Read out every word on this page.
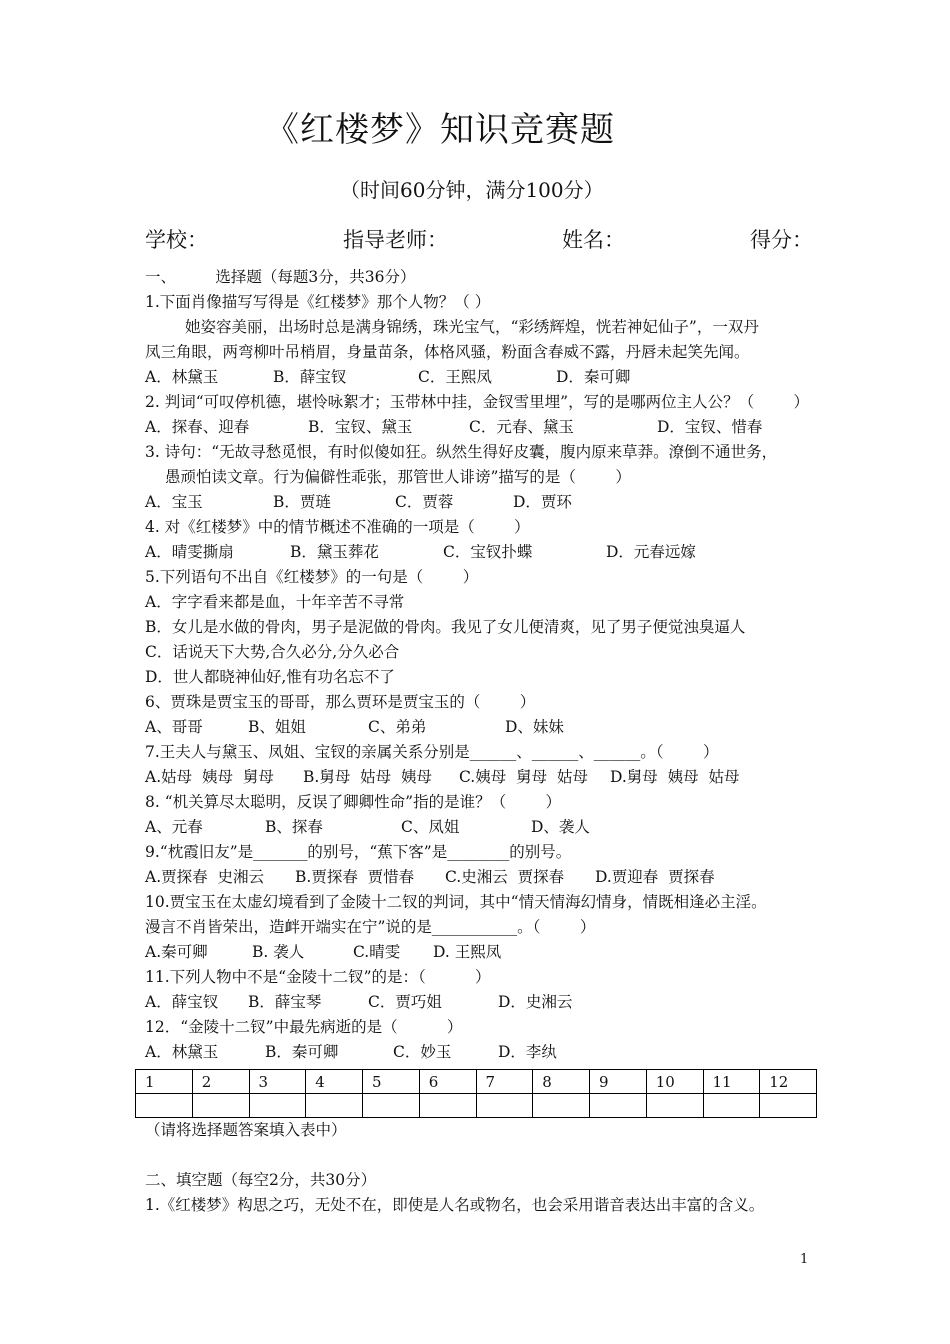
《红楼梦》知识竞赛题
（时间60分钟，满分100分）
学校：	指导老师：	姓名：	得分：
一、        选择题（每题3分，共36分）
1.下面肖像描写写得是《红楼梦》那个人物？（ ）
她姿容美丽，出场时总是满身锦绣，珠光宝气，“彩绣辉煌，恍若神妃仙子”，一双丹
凤三角眼，两弯柳叶吊梢眉，身量苗条，体格风骚，粉面含春威不露，丹唇未起笑先闻。
A．林黛玉	B．薛宝钗	C．王熙凤	D．秦可卿
2. 判词“可叹停机德，堪怜咏絮才；玉带林中挂，金钗雪里埋”，写的是哪两位主人公？（        ）
A．探春、迎春	B．宝钗、黛玉	C．元春、黛玉	D．宝钗、惜春
3. 诗句：“无故寻愁觅恨，有时似傻如狂。纵然生得好皮囊，腹内原来草莽。潦倒不通世务，
愚顽怕读文章。行为偏僻性乖张，那管世人诽谤”描写的是（        ）
A．宝玉	B．贾琏	C．贾蓉	D．贾环
4. 对《红楼梦》中的情节概述不准确的一项是（        ）
A．晴雯撕扇	B．黛玉葬花	C．宝钗扑蝶	D．元春远嫁
5.下列语句不出自《红楼梦》的一句是（        ）
A．字字看来都是血，十年辛苦不寻常
B．女儿是水做的骨肉，男子是泥做的骨肉。我见了女儿便清爽，见了男子便觉浊臭逼人
C．话说天下大势,合久必分,分久必合
D．世人都晓神仙好,惟有功名忘不了
6、贾珠是贾宝玉的哥哥，那么贾环是贾宝玉的（        ）
A、哥哥	B、姐姐	C、弟弟	D、妹妹
7.王夫人与黛玉、凤姐、宝钗的亲属关系分别是______、______、______。（        ）
A.姑母  姨母  舅母 B.舅母  姑母  姨母 C.姨母  舅母  姑母 D.舅母  姨母  姑母
8. “机关算尽太聪明，反误了卿卿性命”指的是谁？（        ）
A、元春	B、探春	C、凤姐	D、袭人
9.“枕霞旧友”是_______的别号，“蕉下客”是________的别号。
A.贾探春  史湘云 B.贾探春  贾惜春 C.史湘云  贾探春 D.贾迎春  贾探春
10.贾宝玉在太虚幻境看到了金陵十二钗的判词，其中“情天情海幻情身，情既相逢必主淫。
漫言不肖皆荣出，造衅开端实在宁”说的是___________。（        ）
A.秦可卿	B. 袭人	C.晴雯 D. 王熙凤
11.下列人物中不是“金陵十二钗”的是：（          ）
A．薛宝钗 B．薛宝琴	C．贾巧姐	D．史湘云
12．“金陵十二钗”中最先病逝的是（          ）
A．林黛玉	B．秦可卿	C．妙玉	D．李纨
1	2	3	4	5	6	7	8	9	10	11	12

（请将选择题答案填入表中）
二、填空题（每空2分，共30分）
1.《红楼梦》构思之巧，无处不在，即使是人名或物名，也会采用谐音表达出丰富的含义。
1
